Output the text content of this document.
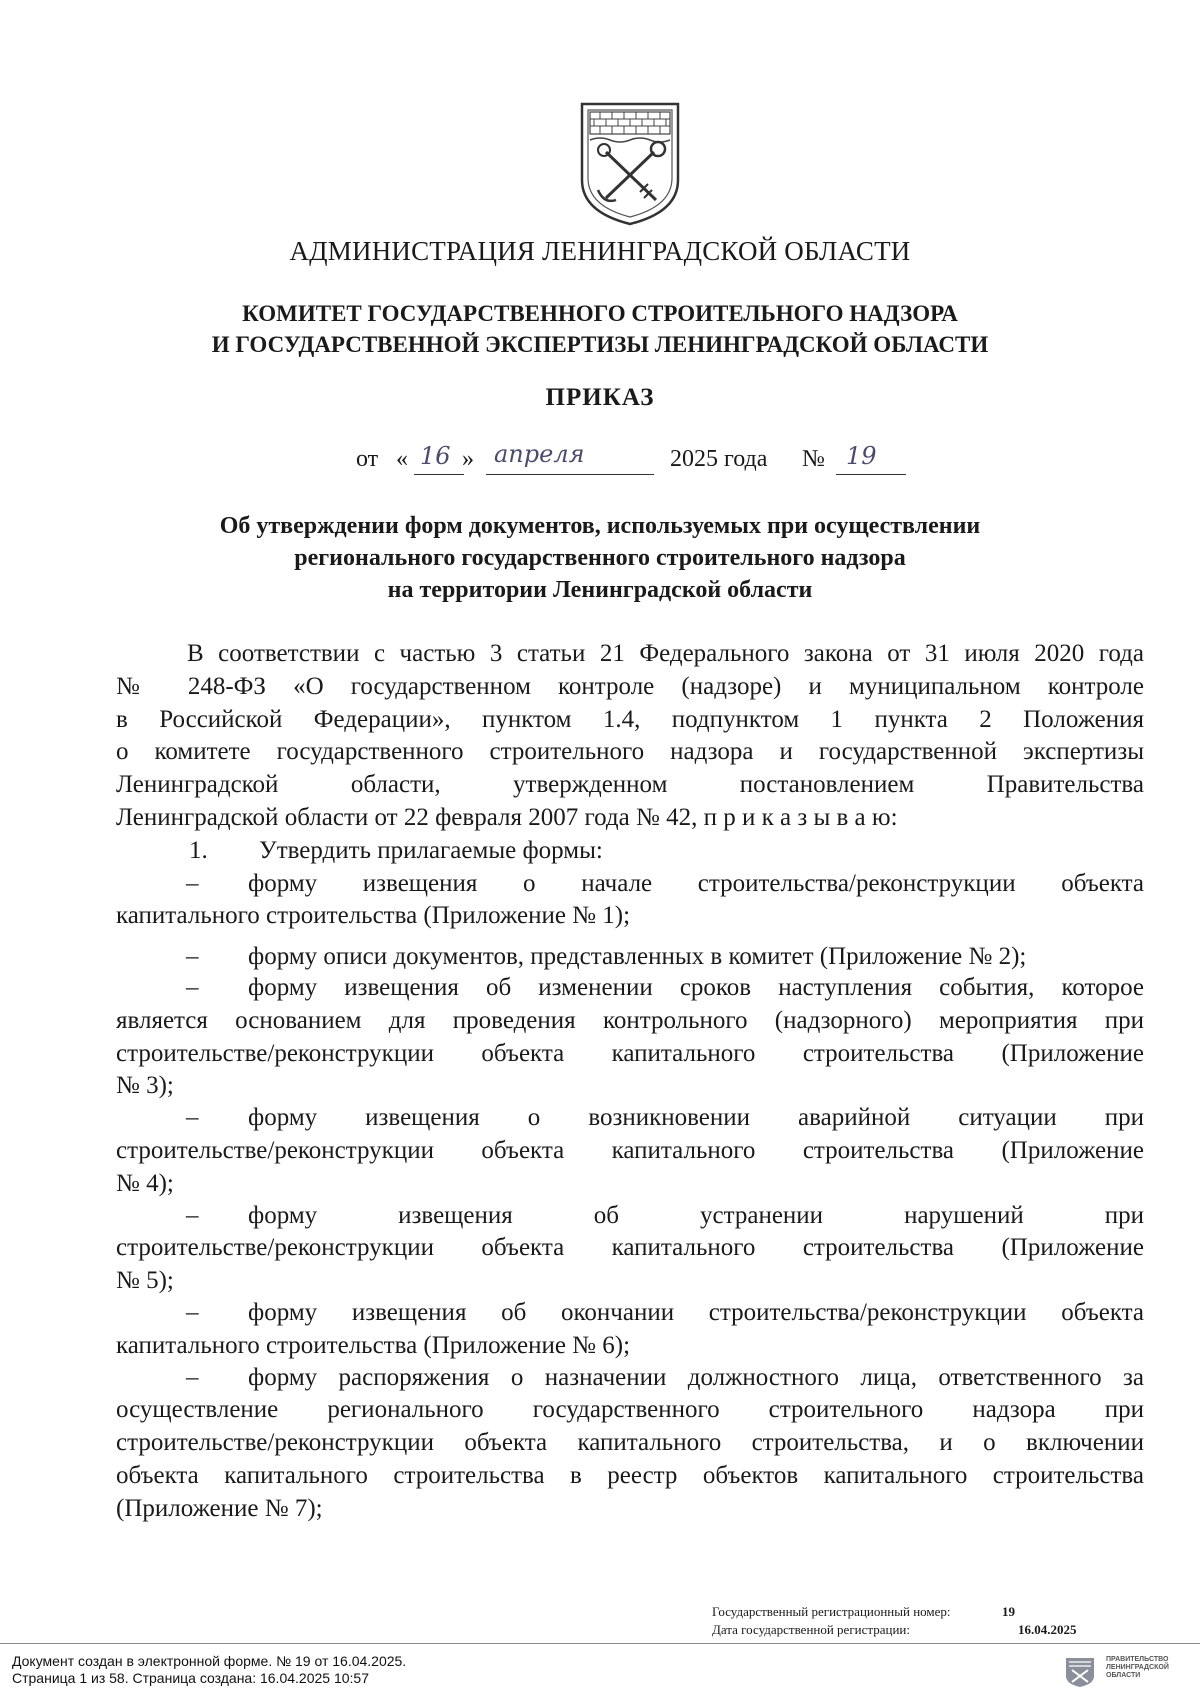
АДМИНИСТРАЦИЯ ЛЕНИНГРАДСКОЙ ОБЛАСТИ
КОМИТЕТ ГОСУДАРСТВЕННОГО СТРОИТЕЛЬНОГО НАДЗОРА
И ГОСУДАРСТВЕННОЙ ЭКСПЕРТИЗЫ ЛЕНИНГРАДСКОЙ ОБЛАСТИ
ПРИКАЗ
от « 16 » апреля	2025 года № 19
Об утверждении форм документов, используемых при осуществлении
регионального государственного строительного надзора
на территории Ленинградской области

В соответствии с частью 3 статьи 21 Федерального закона от 31 июля 2020 года

№ 248-ФЗ «О государственном контроле (надзоре) и муниципальном контроле

в Российской Федерации», пунктом 1.4, подпунктом 1 пункта 2 Положения

о комитете государственного строительного надзора и государственной экспертизы

Ленинградской области, утвержденном постановлением Правительства

Ленинградской области от 22 февраля 2007 года № 42, п р и к а з ы в а ю:

1. Утвердить прилагаемые формы:

– форму извещения о начале строительства/реконструкции объекта

капитального строительства (Приложение № 1);

– форму описи документов, представленных в комитет (Приложение № 2);

– форму извещения об изменении сроков наступления события, которое

является основанием для проведения контрольного (надзорного) мероприятия при

строительстве/реконструкции объекта капитального строительства (Приложение

№ 3);

– форму извещения о возникновении аварийной ситуации при

строительстве/реконструкции объекта капитального строительства (Приложение

№ 4);

– форму извещения об устранении нарушений при

строительстве/реконструкции объекта капитального строительства (Приложение

№ 5);

– форму извещения об окончании строительства/реконструкции объекта

капитального строительства (Приложение № 6);

– форму распоряжения о назначении должностного лица, ответственного за

осуществление регионального государственного строительного надзора при

строительстве/реконструкции объекта капитального строительства, и о включении

объекта капитального строительства в реестр объектов капитального строительства

(Приложение № 7);

Государственный регистрационный номер:	19
Дата государственной регистрации:	16.04.2025
Документ создан в электронной форме. № 19 от 16.04.2025.
Страница 1 из 58. Страница создана: 16.04.2025 10:57
ПРАВИТЕЛЬСТВО
ЛЕНИНГРАДСКОЙ
ОБЛАСТИ
